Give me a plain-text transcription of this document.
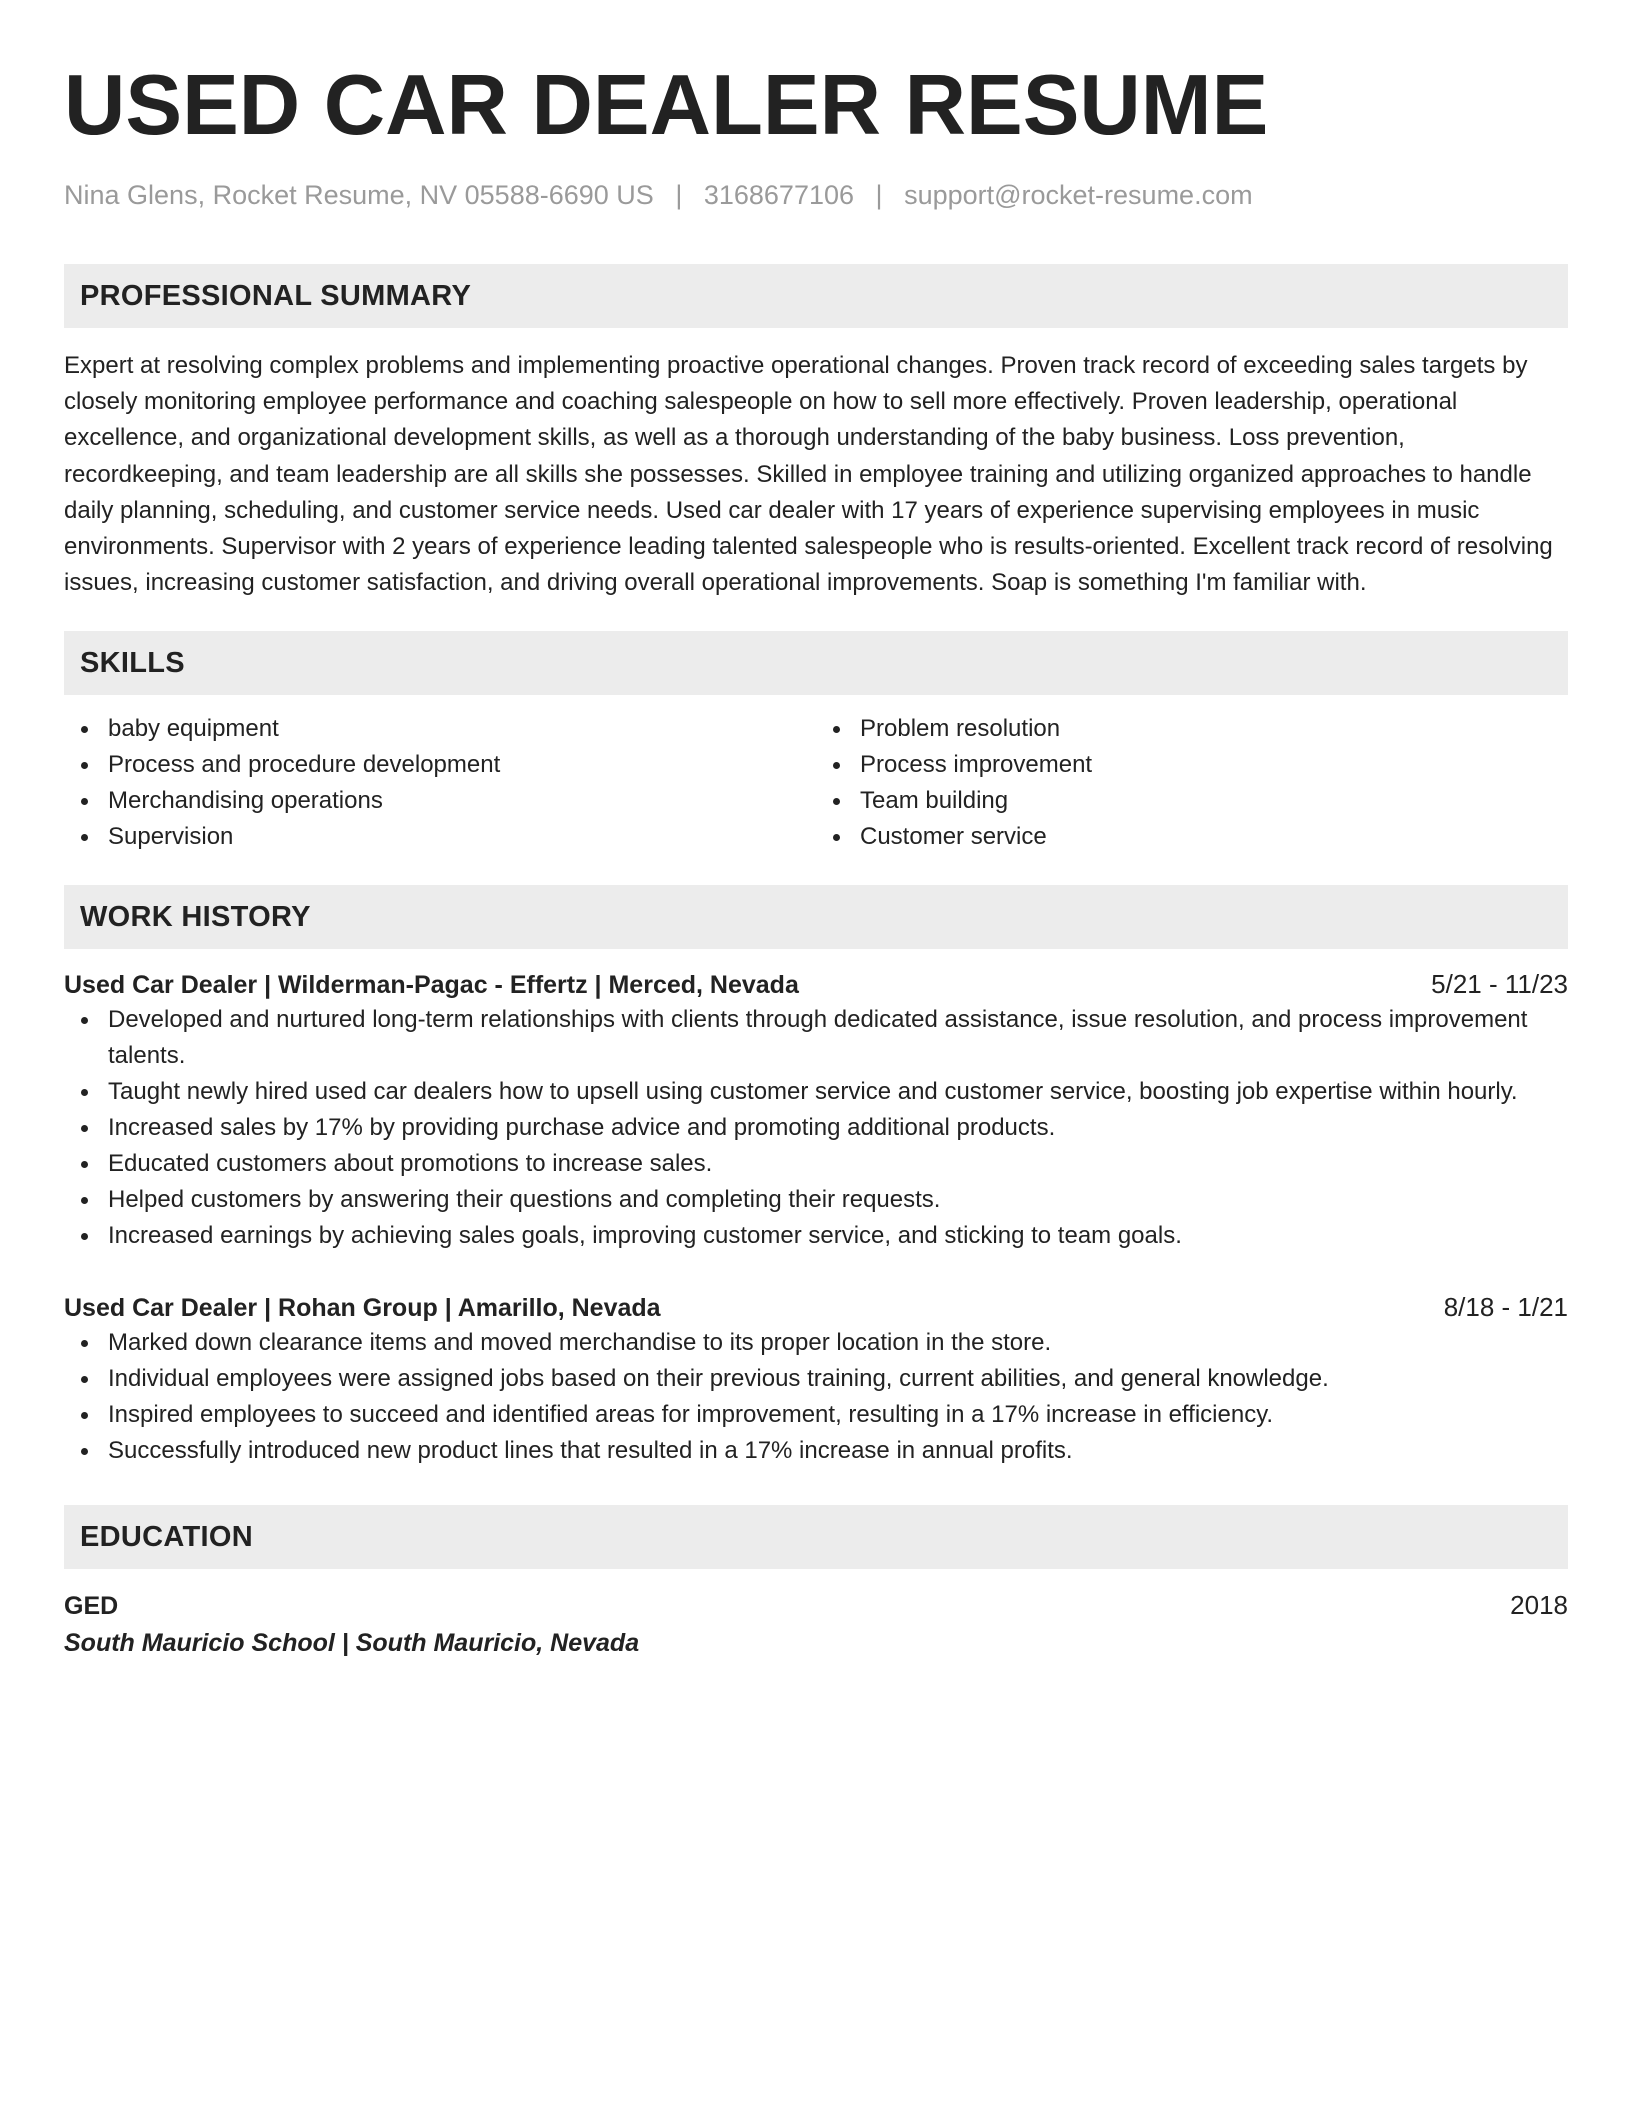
USED CAR DEALER RESUME
Nina Glens, Rocket Resume, NV 05588-6690 US | 3168677106 | support@rocket-resume.com
PROFESSIONAL SUMMARY
Expert at resolving complex problems and implementing proactive operational changes. Proven track record of exceeding sales targets by closely monitoring employee performance and coaching salespeople on how to sell more effectively. Proven leadership, operational excellence, and organizational development skills, as well as a thorough understanding of the baby business. Loss prevention, recordkeeping, and team leadership are all skills she possesses. Skilled in employee training and utilizing organized approaches to handle daily planning, scheduling, and customer service needs. Used car dealer with 17 years of experience supervising employees in music environments. Supervisor with 2 years of experience leading talented salespeople who is results-oriented. Excellent track record of resolving issues, increasing customer satisfaction, and driving overall operational improvements. Soap is something I'm familiar with.
SKILLS
baby equipment
Process and procedure development
Merchandising operations
Supervision
Problem resolution
Process improvement
Team building
Customer service
WORK HISTORY
Used Car Dealer | Wilderman-Pagac - Effertz | Merced, Nevada	5/21 - 11/23
Developed and nurtured long-term relationships with clients through dedicated assistance, issue resolution, and process improvement talents.
Taught newly hired used car dealers how to upsell using customer service and customer service, boosting job expertise within hourly.
Increased sales by 17% by providing purchase advice and promoting additional products.
Educated customers about promotions to increase sales.
Helped customers by answering their questions and completing their requests.
Increased earnings by achieving sales goals, improving customer service, and sticking to team goals.
Used Car Dealer | Rohan Group | Amarillo, Nevada	8/18 - 1/21
Marked down clearance items and moved merchandise to its proper location in the store.
Individual employees were assigned jobs based on their previous training, current abilities, and general knowledge.
Inspired employees to succeed and identified areas for improvement, resulting in a 17% increase in efficiency.
Successfully introduced new product lines that resulted in a 17% increase in annual profits.
EDUCATION
GED	2018
South Mauricio School | South Mauricio, Nevada
